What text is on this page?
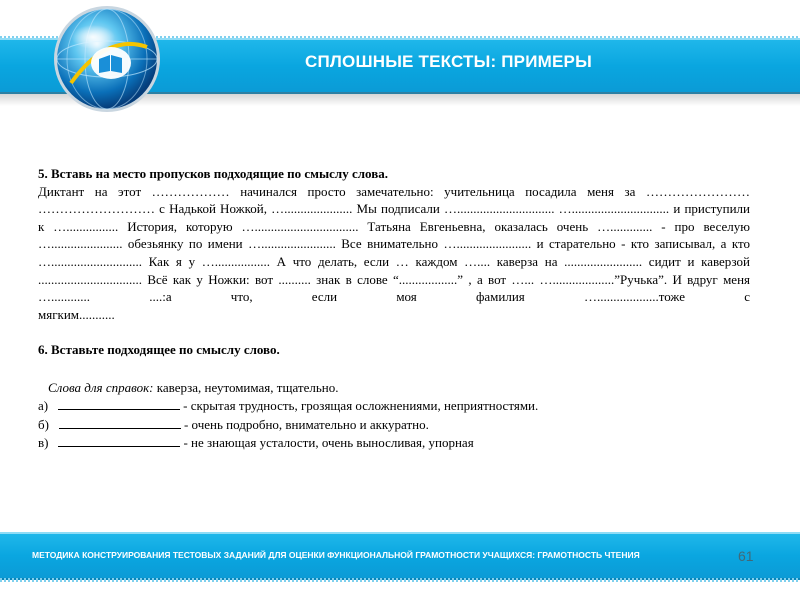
СПЛОШНЫЕ ТЕКСТЫ: ПРИМЕРЫ
5. Вставь на место пропусков подходящие по смыслу слова.
Диктант на этот ……………… начинался просто замечательно: учительница посадила меня за …………………… ……………………… с Надькой Ножкой, …..................... Мы подписали ….............................. ….............................. и приступили к …................ История, которую …................................ Татьяна Евгеньевна, оказалась очень …............. - про веселую …...................... обезьянку по имени …....................... Все внимательно …....................... и старательно - кто записывал, а кто …............................ Как я у …................. А что делать, если … каждом ….... каверза на ........................ сидит и каверзой ................................ Всё как у Ножки: вот .......... знак в слове “..................” , а вот …... …...................”Ручька”. И вдруг меня …............ ....:а что, если моя фамилия …...................тоже с
мягким...........
6. Вставьте подходящее по смыслу слово.
Слова для справок: каверза, неутомимая, тщательно.
а)	- скрытая трудность, грозящая осложнениями, неприятностями.
б)	- очень подробно, внимательно и аккуратно.
в)	- не знающая усталости, очень выносливая, упорная
МЕТОДИКА КОНСТРУИРОВАНИЯ ТЕСТОВЫХ ЗАДАНИЙ ДЛЯ ОЦЕНКИ ФУНКЦИОНАЛЬНОЙ ГРАМОТНОСТИ УЧАЩИХСЯ: ГРАМОТНОСТЬ ЧТЕНИЯ	61
